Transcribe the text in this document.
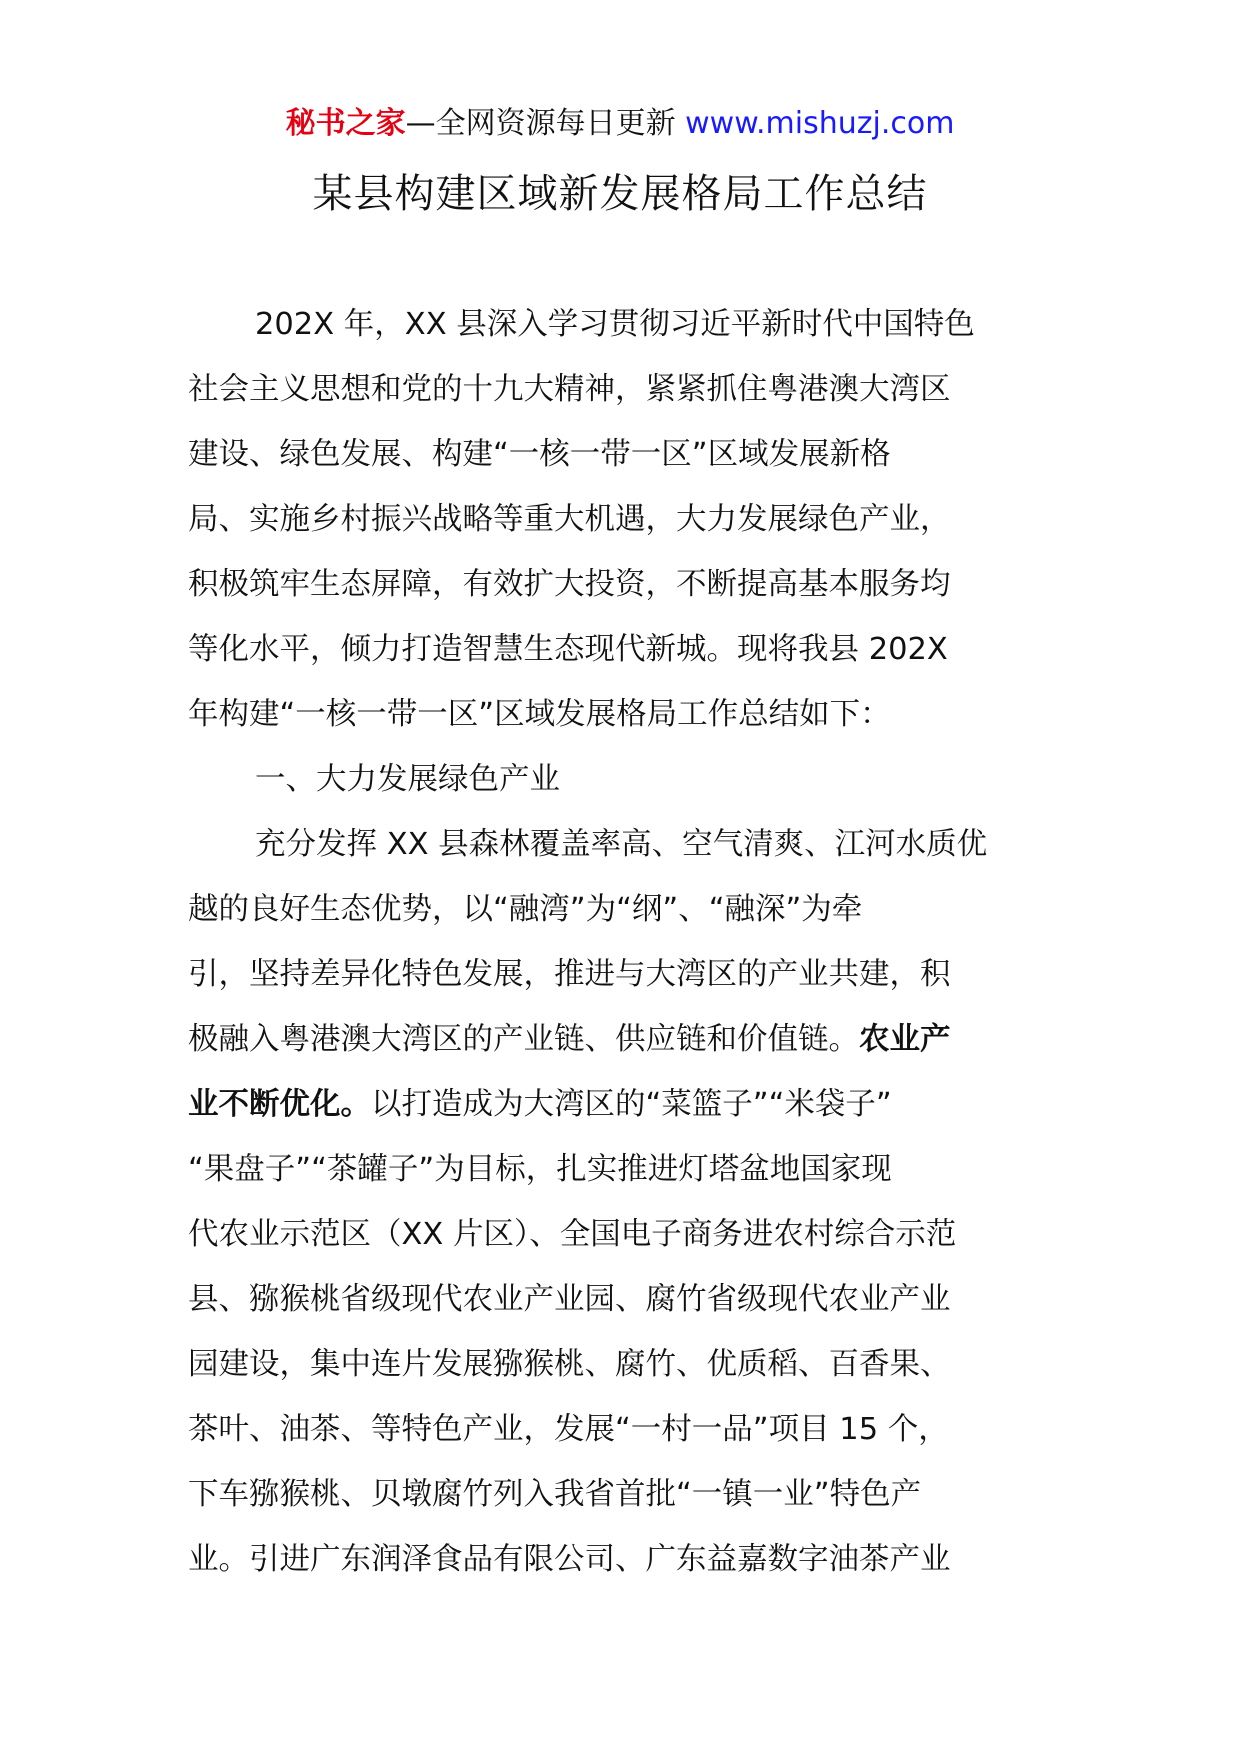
秘书之家—全网资源每日更新 www.mishuzj.com
某县构建区域新发展格局工作总结
202X 年，XX 县深入学习贯彻习近平新时代中国特色
社会主义思想和党的十九大精神，紧紧抓住粤港澳大湾区
建设、绿色发展、构建“一核一带一区”区域发展新格
局、实施乡村振兴战略等重大机遇，大力发展绿色产业，
积极筑牢生态屏障，有效扩大投资，不断提高基本服务均
等化水平，倾力打造智慧生态现代新城。现将我县 202X
年构建“一核一带一区”区域发展格局工作总结如下：
一、大力发展绿色产业
充分发挥 XX 县森林覆盖率高、空气清爽、江河水质优
越的良好生态优势，以“融湾”为“纲”、“融深”为牵
引，坚持差异化特色发展，推进与大湾区的产业共建，积
极融入粤港澳大湾区的产业链、供应链和价值链。农业产
业不断优化。以打造成为大湾区的“菜篮子”“米袋子”
“果盘子”“茶罐子”为目标，扎实推进灯塔盆地国家现
代农业示范区（XX 片区）、全国电子商务进农村综合示范
县、猕猴桃省级现代农业产业园、腐竹省级现代农业产业
园建设，集中连片发展猕猴桃、腐竹、优质稻、百香果、
茶叶、油茶、等特色产业，发展“一村一品”项目 15 个，
下车猕猴桃、贝墩腐竹列入我省首批“一镇一业”特色产
业。引进广东润泽食品有限公司、广东益嘉数字油茶产业
